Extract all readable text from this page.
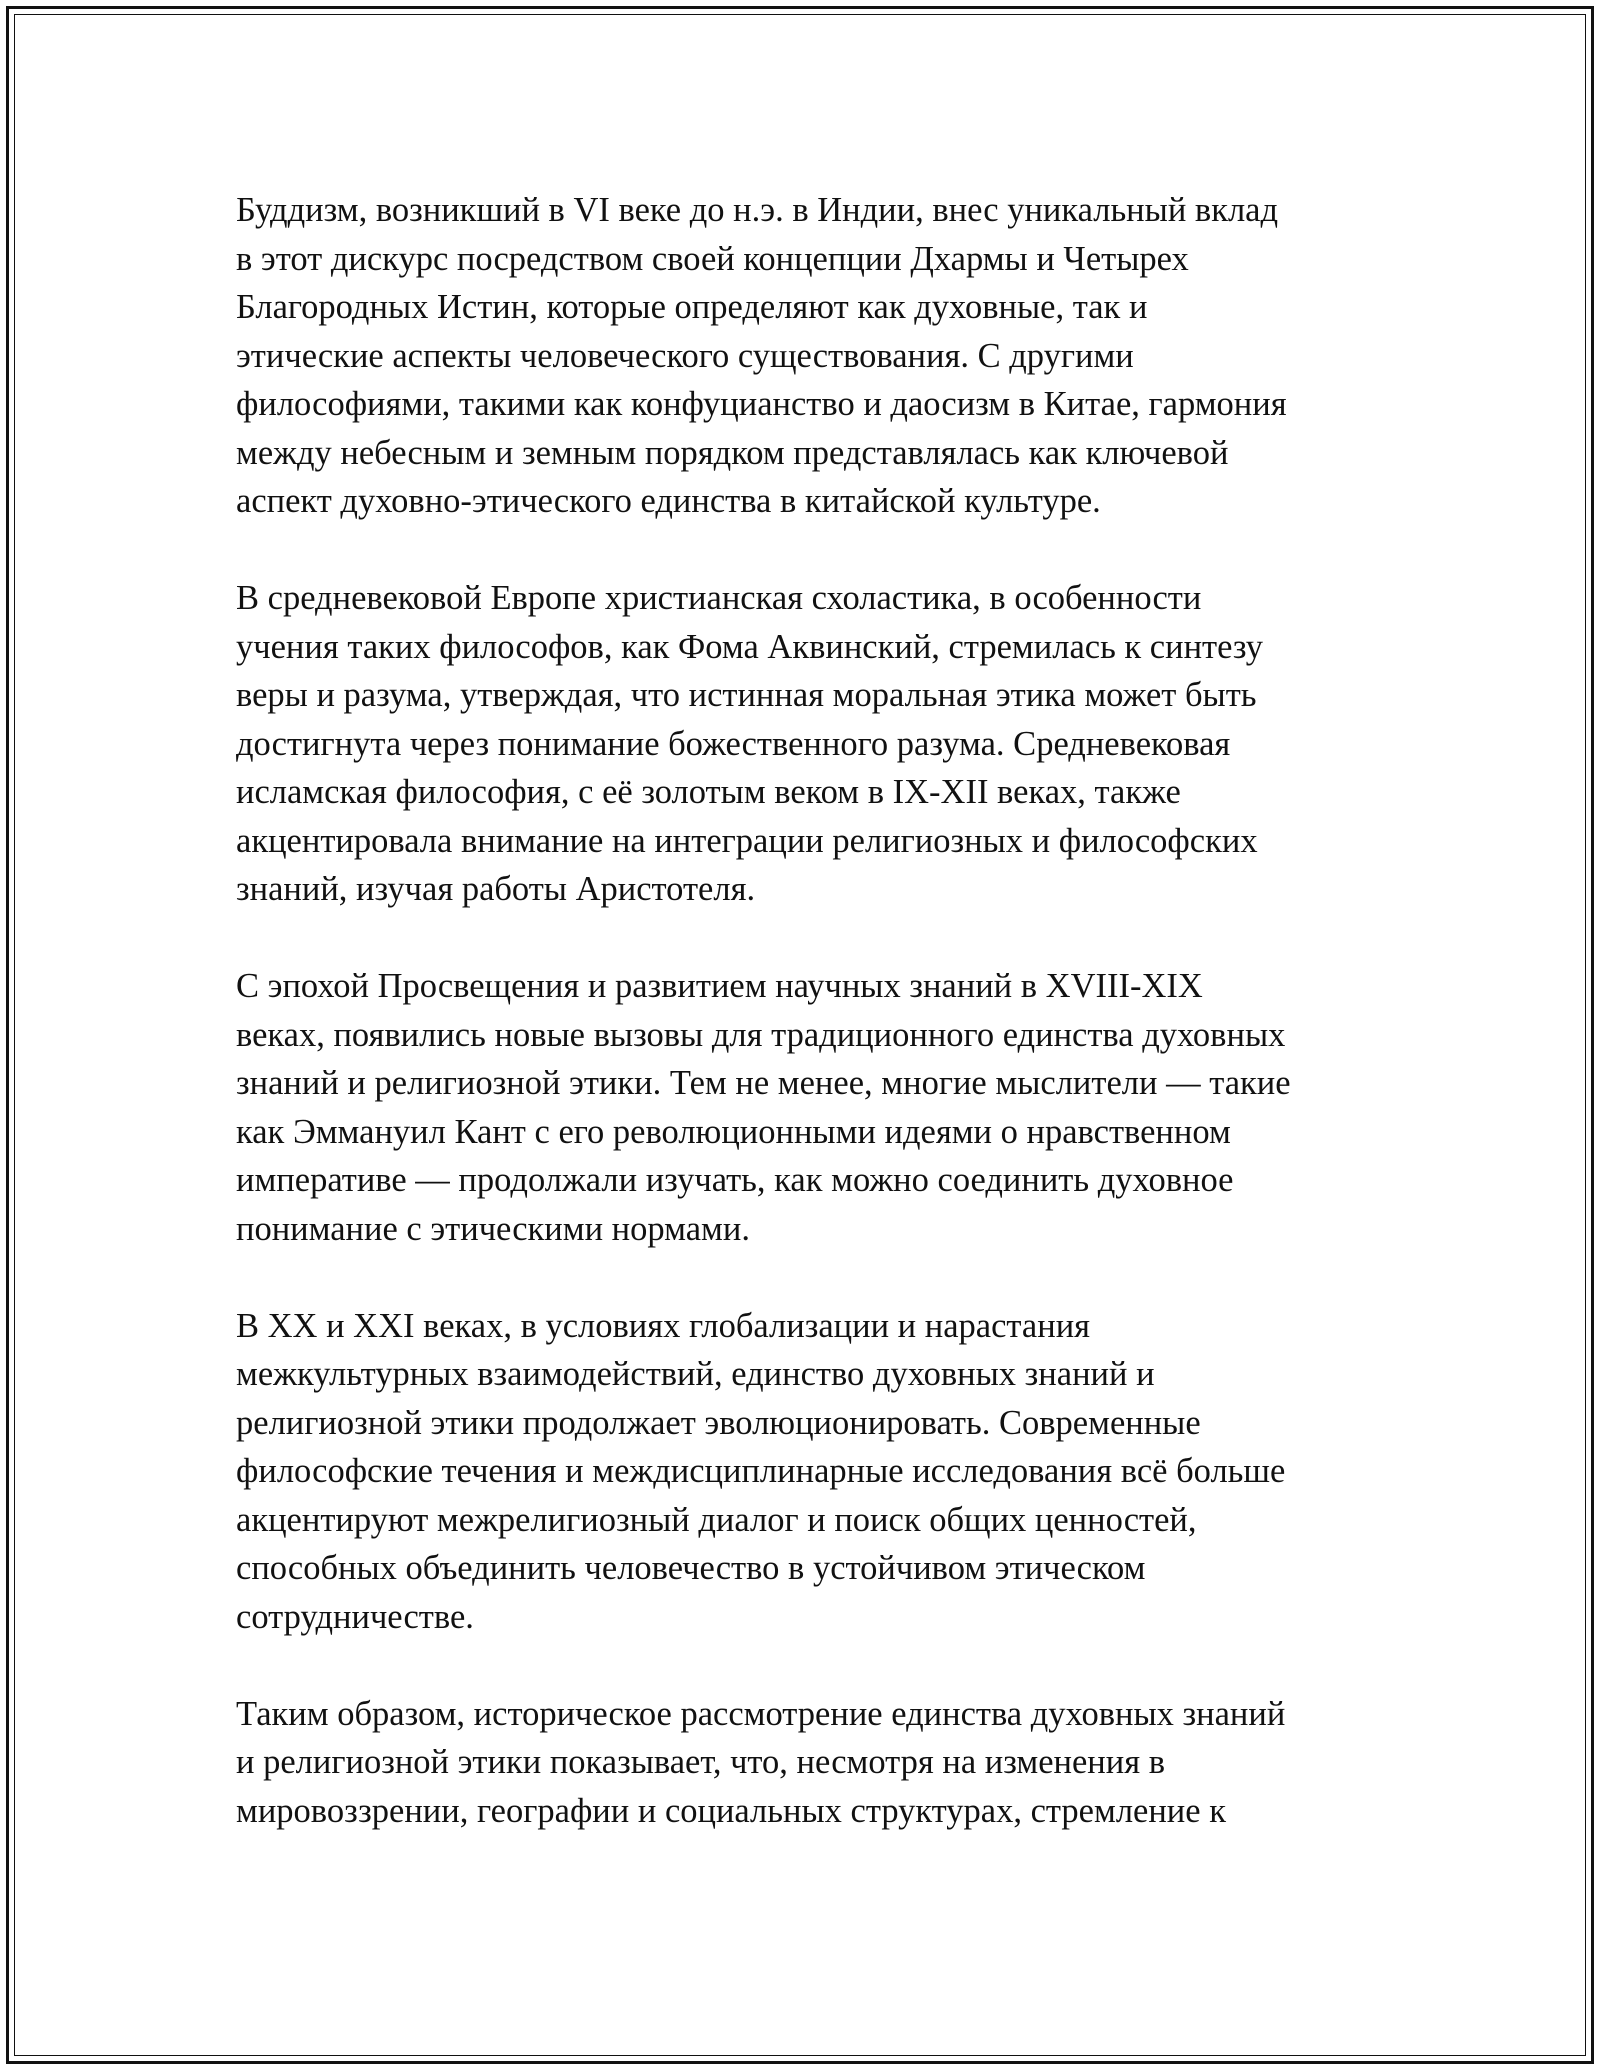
Буддизм, возникший в VI веке до н.э. в Индии, внес уникальный вклад
в этот дискурс посредством своей концепции Дхармы и Четырех
Благородных Истин, которые определяют как духовные, так и
этические аспекты человеческого существования. С другими
философиями, такими как конфуцианство и даосизм в Китае, гармония
между небесным и земным порядком представлялась как ключевой
аспект духовно-этического единства в китайской культуре.

В средневековой Европе христианская схоластика, в особенности
учения таких философов, как Фома Аквинский, стремилась к синтезу
веры и разума, утверждая, что истинная моральная этика может быть
достигнута через понимание божественного разума. Средневековая
исламская философия, с её золотым веком в IX-XII веках, также
акцентировала внимание на интеграции религиозных и философских
знаний, изучая работы Аристотеля.

С эпохой Просвещения и развитием научных знаний в XVIII-XIX
веках, появились новые вызовы для традиционного единства духовных
знаний и религиозной этики. Тем не менее, многие мыслители — такие
как Эммануил Кант с его революционными идеями о нравственном
императиве — продолжали изучать, как можно соединить духовное
понимание с этическими нормами.

В XX и XXI веках, в условиях глобализации и нарастания
межкультурных взаимодействий, единство духовных знаний и
религиозной этики продолжает эволюционировать. Современные
философские течения и междисциплинарные исследования всё больше
акцентируют межрелигиозный диалог и поиск общих ценностей,
способных объединить человечество в устойчивом этическом
сотрудничестве.

Таким образом, историческое рассмотрение единства духовных знаний
и религиозной этики показывает, что, несмотря на изменения в
мировоззрении, географии и социальных структурах, стремление к
